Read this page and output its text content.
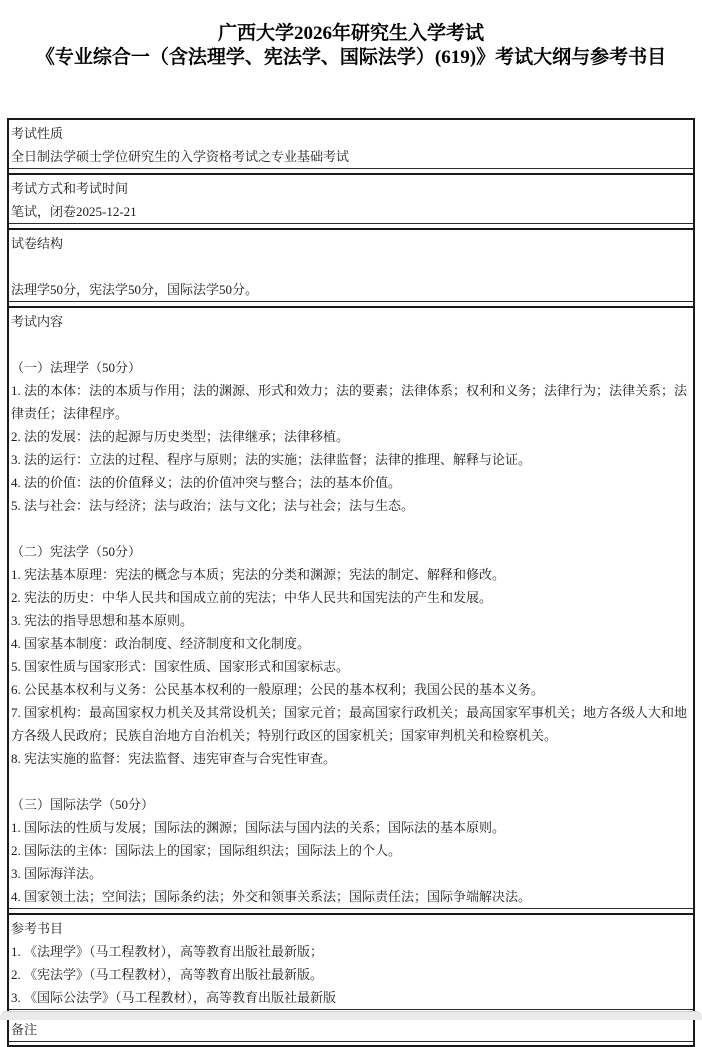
广西大学2026年研究生入学考试
《专业综合一（含法理学、宪法学、国际法学）(619)》考试大纲与参考书目
考试性质
全日制法学硕士学位研究生的入学资格考试之专业基础考试
考试方式和考试时间
笔试，闭卷2025-12-21
试卷结构
法理学50分，宪法学50分，国际法学50分。
考试内容
（一）法理学（50分）
1. 法的本体：法的本质与作用；法的渊源、形式和效力；法的要素；法律体系；权利和义务；法律行为；法律关系；法律责任；法律程序。
2. 法的发展：法的起源与历史类型；法律继承；法律移植。
3. 法的运行：立法的过程、程序与原则；法的实施；法律监督；法律的推理、解释与论证。
4. 法的价值：法的价值释义；法的价值冲突与整合；法的基本价值。
5. 法与社会：法与经济；法与政治；法与文化；法与社会；法与生态。
（二）宪法学（50分）
1. 宪法基本原理：宪法的概念与本质；宪法的分类和渊源；宪法的制定、解释和修改。
2. 宪法的历史：中华人民共和国成立前的宪法；中华人民共和国宪法的产生和发展。
3. 宪法的指导思想和基本原则。
4. 国家基本制度：政治制度、经济制度和文化制度。
5. 国家性质与国家形式：国家性质、国家形式和国家标志。
6. 公民基本权利与义务：公民基本权利的一般原理；公民的基本权利；我国公民的基本义务。
7. 国家机构：最高国家权力机关及其常设机关；国家元首；最高国家行政机关；最高国家军事机关；地方各级人大和地方各级人民政府；民族自治地方自治机关；特别行政区的国家机关；国家审判机关和检察机关。
8. 宪法实施的监督：宪法监督、违宪审查与合宪性审查。
（三）国际法学（50分）
1. 国际法的性质与发展；国际法的渊源；国际法与国内法的关系；国际法的基本原则。
2. 国际法的主体：国际法上的国家；国际组织法；国际法上的个人。
3. 国际海洋法。
4. 国家领土法；空间法；国际条约法；外交和领事关系法；国际责任法；国际争端解决法。
参考书目
1. 《法理学》（马工程教材），高等教育出版社最新版；
2. 《宪法学》（马工程教材），高等教育出版社最新版。
3. 《国际公法学》（马工程教材），高等教育出版社最新版
备注
